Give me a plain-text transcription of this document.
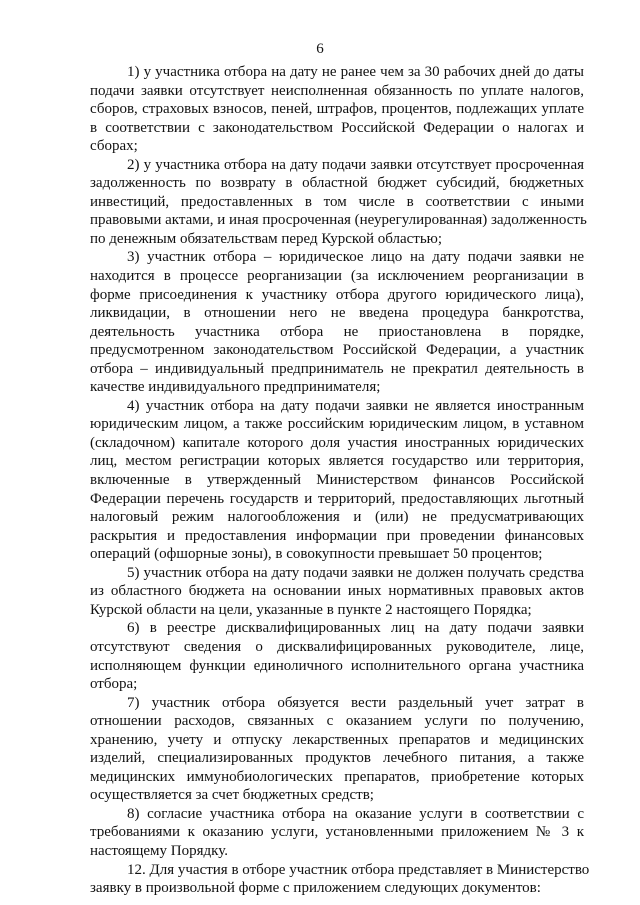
6
1) у участника отбора на дату не ранее чем за 30 рабочих дней до даты
подачи заявки отсутствует неисполненная обязанность по уплате налогов,
сборов, страховых взносов, пеней, штрафов, процентов, подлежащих уплате
в соответствии с законодательством Российской Федерации о налогах и
сборах;
2) у участника отбора на дату подачи заявки отсутствует просроченная
задолженность по возврату в областной бюджет субсидий, бюджетных
инвестиций, предоставленных в том числе в соответствии с иными
правовыми актами, и иная просроченная (неурегулированная) задолженность
по денежным обязательствам перед Курской областью;
3) участник отбора – юридическое лицо на дату подачи заявки не
находится в процессе реорганизации (за исключением реорганизации в
форме присоединения к участнику отбора другого юридического лица),
ликвидации, в отношении него не введена процедура банкротства,
деятельность участника отбора не приостановлена в порядке,
предусмотренном законодательством Российской Федерации, а участник
отбора – индивидуальный предприниматель не прекратил деятельность в
качестве индивидуального предпринимателя;
4) участник отбора на дату подачи заявки не является иностранным
юридическим лицом, а также российским юридическим лицом, в уставном
(складочном) капитале которого доля участия иностранных юридических
лиц, местом регистрации которых является государство или территория,
включенные в утвержденный Министерством финансов Российской
Федерации перечень государств и территорий, предоставляющих льготный
налоговый режим налогообложения и (или) не предусматривающих
раскрытия и предоставления информации при проведении финансовых
операций (офшорные зоны), в совокупности превышает 50 процентов;
5) участник отбора на дату подачи заявки не должен получать средства
из областного бюджета на основании иных нормативных правовых актов
Курской области на цели, указанные в пункте 2 настоящего Порядка;
6) в реестре дисквалифицированных лиц на дату подачи заявки
отсутствуют сведения о дисквалифицированных руководителе, лице,
исполняющем функции единоличного исполнительного органа участника
отбора;
7) участник отбора обязуется вести раздельный учет затрат в
отношении расходов, связанных с оказанием услуги по получению,
хранению, учету и отпуску лекарственных препаратов и медицинских
изделий, специализированных продуктов лечебного питания, а также
медицинских иммунобиологических препаратов, приобретение которых
осуществляется за счет бюджетных средств;
8) согласие участника отбора на оказание услуги в соответствии с
требованиями к оказанию услуги, установленными приложением № 3 к
настоящему Порядку.
12. Для участия в отборе участник отбора представляет в Министерство
заявку в произвольной форме с приложением следующих документов:
